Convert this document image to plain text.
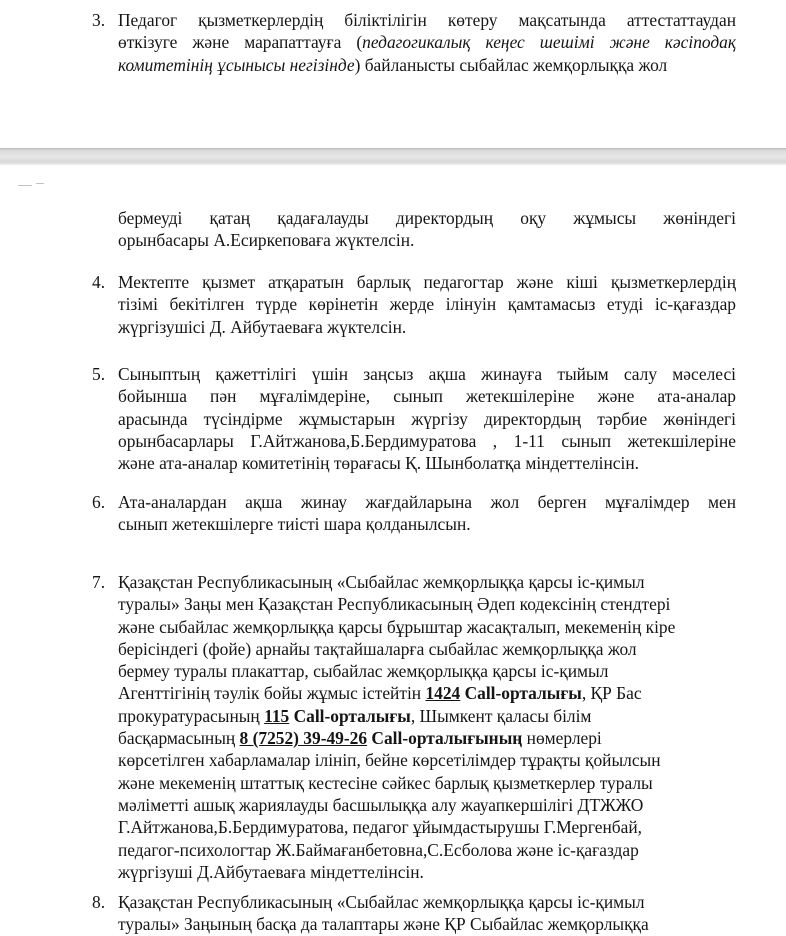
3. Педагог қызметкерлердің біліктілігін көтеру мақсатында аттестаттаудан
өткізуге және марапаттауға (педагогикалық кеңес шешімі және кәсіподақ
комитетінің ұсынысы негізінде) байланысты сыбайлас жемқорлыққа жол
бермеуді қатаң қадағалауды директордың оқу жұмысы жөніндегі
орынбасары А.Есиркеповаға жүктелсін.
4. Мектепте қызмет атқаратын барлық педагогтар және кіші қызметкерлердің
тізімі бекітілген түрде көрінетін жерде ілінуін қамтамасыз етуді іс-қағаздар
жүргізушісі Д. Айбутаеваға жүктелсін.
5. Сыныптың қажеттілігі үшін заңсыз ақша жинауға тыйым салу мәселесі
бойынша пән мұғалімдеріне, сынып жетекшілеріне және ата-аналар
арасында түсіндірме жұмыстарын жүргізу директордың тәрбие жөніндегі
орынбасарлары Г.Айтжанова,Б.Бердимуратова , 1-11 сынып жетекшілеріне
және ата-аналар комитетінің төрағасы Қ. Шынболатқа міндеттелінсін.
6. Ата-аналардан ақша жинау жағдайларына жол берген мұғалімдер мен
сынып жетекшілерге тиісті шара қолданылсын.
7. Қазақстан Республикасының «Сыбайлас жемқорлыққа қарсы іс-қимыл
туралы» Заңы мен Қазақстан Республикасының Әдеп кодексінің стендтері
және сыбайлас жемқорлыққа қарсы бұрыштар жасақталып, мекеменің кіре
берісіндегі (фойе) арнайы тақтайшаларға сыбайлас жемқорлыққа жол
бермеу туралы плакаттар, сыбайлас жемқорлыққа қарсы іс-қимыл
Агенттігінің тәулік бойы жұмыс істейтін 1424 Call-орталығы, ҚР Бас
прокуратурасының 115 Call-орталығы, Шымкент қаласы білім
басқармасының 8 (7252) 39-49-26 Call-орталығының нөмерлері
көрсетілген хабарламалар ілініп, бейне көрсетілімдер тұрақты қойылсын
және мекеменің штаттық кестесіне сәйкес барлық қызметкерлер туралы
мәліметті ашық жариялауды басшылыққа алу жауапкершілігі ДТЖЖО
Г.Айтжанова,Б.Бердимуратова, педагог ұйымдастырушы Г.Мергенбай,
педагог-психологтар Ж.Баймағанбетовна,С.Есболова және іс-қағаздар
жүргізуші Д.Айбутаеваға міндеттелінсін.
8. Қазақстан Республикасының «Сыбайлас жемқорлыққа қарсы іс-қимыл
туралы» Заңының басқа да талаптары және ҚР Сыбайлас жемқорлыққа
